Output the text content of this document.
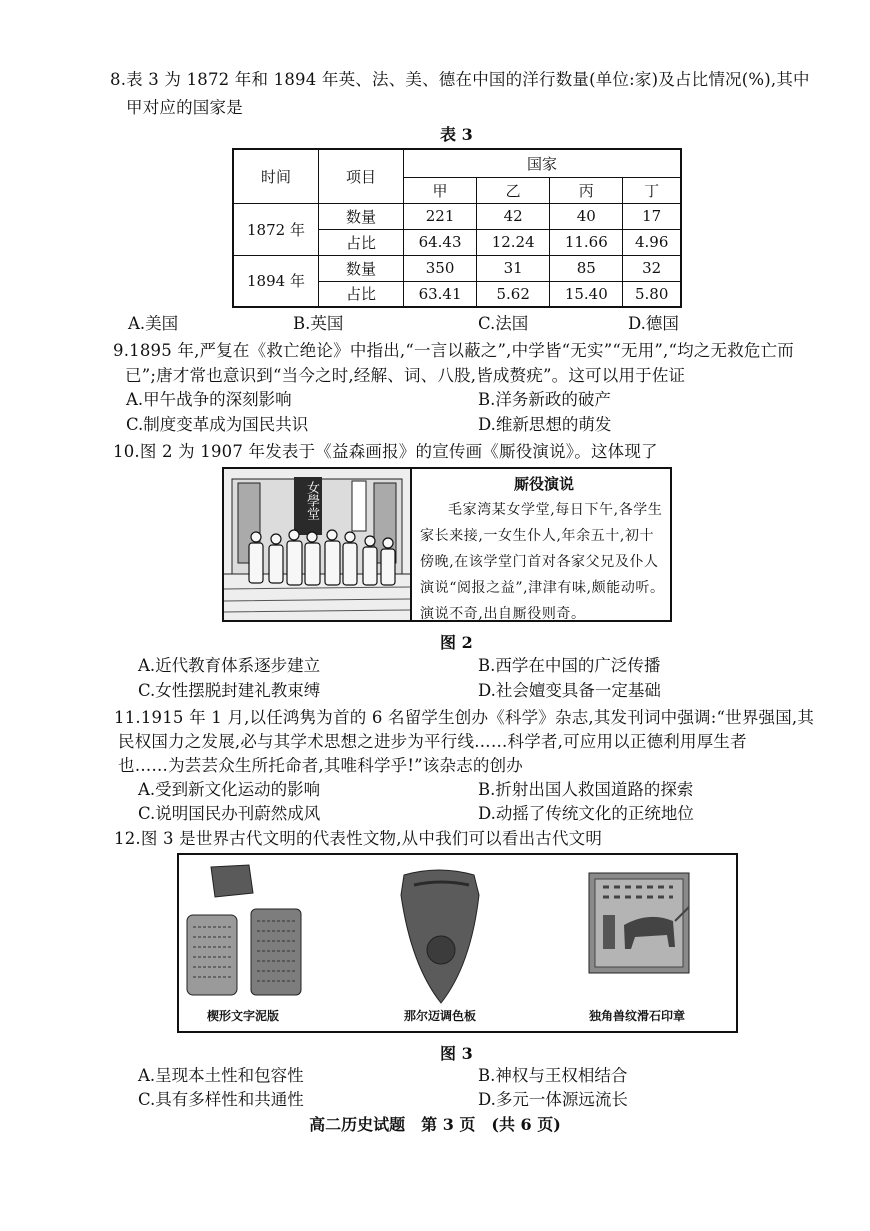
8.表 3 为 1872 年和 1894 年英、法、美、德在中国的洋行数量(单位:家)及占比情况(%),其中
甲对应的国家是
表 3
时间	项目	国家			
		甲	乙	丙	丁
1872 年	数量	221	42	40	17
	占比	64.43	12.24	11.66	4.96
1894 年	数量	350	31	85	32
	占比	63.41	5.62	15.40	5.80
A.美国	B.英国	C.法国	D.德国
9.1895 年,严复在《救亡绝论》中指出,“一言以蔽之”,中学皆“无实”“无用”,“均之无救危亡而
已”;唐才常也意识到“当今之时,经解、词、八股,皆成赘疣”。这可以用于佐证
A.甲午战争的深刻影响	B.洋务新政的破产
C.制度变革成为国民共识	D.维新思想的萌发
10.图 2 为 1907 年发表于《益森画报》的宣传画《厮役演说》。这体现了
女學堂	厮役演说
毛家湾某女学堂,每日下午,各学生家长来接,一女生仆人,年余五十,初十傍晚,在该学堂门首对各家父兄及仆人演说“阅报之益”,津津有味,颇能动听。演说不奇,出自厮役则奇。
图 2
A.近代教育体系逐步建立	B.西学在中国的广泛传播
C.女性摆脱封建礼教束缚	D.社会嬗变具备一定基础
11.1915 年 1 月,以任鸿隽为首的 6 名留学生创办《科学》杂志,其发刊词中强调:“世界强国,其
民权国力之发展,必与其学术思想之进步为平行线……科学者,可应用以正德利用厚生者
也……为芸芸众生所托命者,其唯科学乎!”该杂志的创办
A.受到新文化运动的影响	B.折射出国人救国道路的探索
C.说明国民办刊蔚然成风	D.动摇了传统文化的正统地位
12.图 3 是世界古代文明的代表性文物,从中我们可以看出古代文明
楔形文字泥版	那尔迈调色板	独角兽纹滑石印章
图 3
A.呈现本土性和包容性	B.神权与王权相结合
C.具有多样性和共通性	D.多元一体源远流长
高二历史试题　第 3 页　(共 6 页)
